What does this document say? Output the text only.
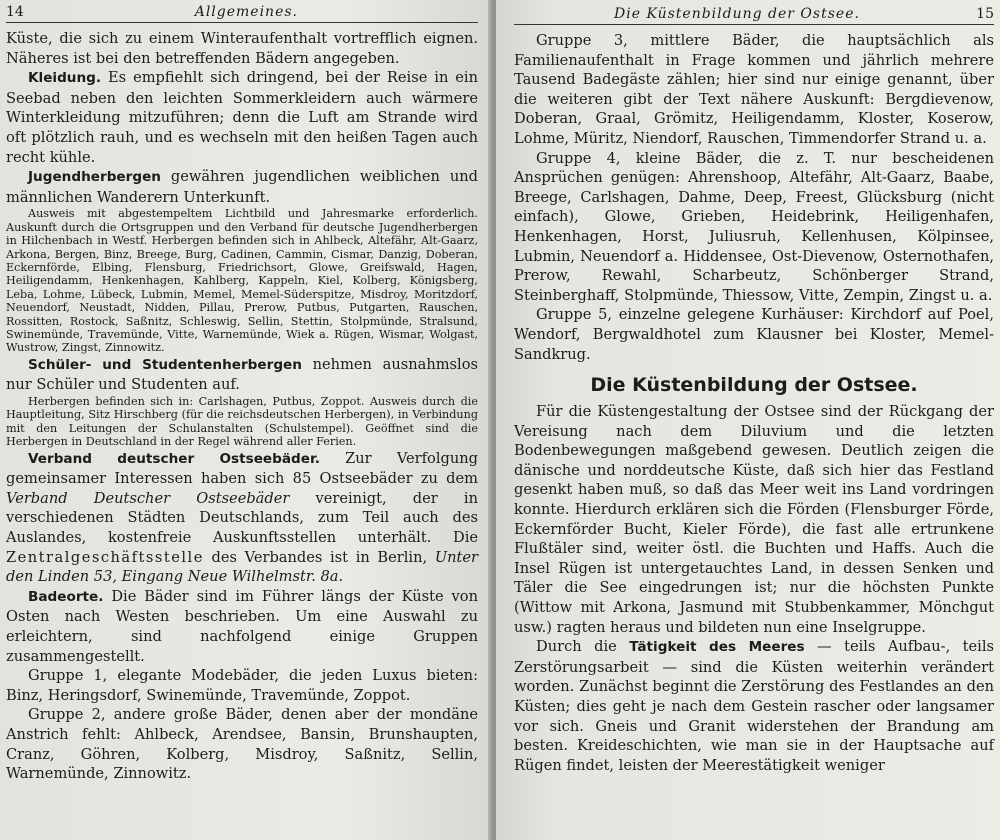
14	Allgemeines.

Küste, die sich zu einem Winteraufenthalt vortrefflich eignen. Näheres ist bei den betreffenden Bädern angegeben.

Kleidung. Es empfiehlt sich dringend, bei der Reise in ein Seebad neben den leichten Sommerkleidern auch wärmere Winterkleidung mitzuführen; denn die Luft am Strande wird oft plötzlich rauh, und es wechseln mit den heißen Tagen auch recht kühle.

Jugendherbergen gewähren jugendlichen weiblichen und männlichen Wanderern Unterkunft.

Ausweis mit abgestempeltem Lichtbild und Jahresmarke erforderlich. Auskunft durch die Ortsgruppen und den Verband für deutsche Jugendherbergen in Hilchenbach in Westf. Herbergen befinden sich in Ahlbeck, Altefähr, Alt-Gaarz, Arkona, Bergen, Binz, Breege, Burg, Cadinen, Cammin, Cismar, Danzig, Doberan, Eckernförde, Elbing, Flensburg, Friedrichsort, Glowe, Greifswald, Hagen, Heiligendamm, Henkenhagen, Kahlberg, Kappeln, Kiel, Kolberg, Königsberg, Leba, Lohme, Lübeck, Lubmin, Memel, Memel-Süderspitze, Misdroy, Moritzdorf, Neuendorf, Neustadt, Nidden, Pillau, Prerow, Putbus, Putgarten, Rauschen, Rossitten, Rostock, Saßnitz, Schleswig, Sellin, Stettin, Stolpmünde, Stralsund, Swinemünde, Travemünde, Vitte, Warnemünde, Wiek a. Rügen, Wismar, Wolgast, Wustrow, Zingst, Zinnowitz.

Schüler- und Studentenherbergen nehmen ausnahmslos nur Schüler und Studenten auf.

Herbergen befinden sich in: Carlshagen, Putbus, Zoppot. Ausweis durch die Hauptleitung, Sitz Hirschberg (für die reichsdeutschen Herbergen), in Verbindung mit den Leitungen der Schulanstalten (Schulstempel). Geöffnet sind die Herbergen in Deutschland in der Regel während aller Ferien.

Verband deutscher Ostseebäder. Zur Verfolgung gemeinsamer Interessen haben sich 85 Ostseebäder zu dem Verband Deutscher Ostseebäder vereinigt, der in verschiedenen Städten Deutschlands, zum Teil auch des Auslandes, kostenfreie Auskunftsstellen unterhält. Die Zentralgeschäftsstelle des Verbandes ist in Berlin, Unter den Linden 53, Eingang Neue Wilhelmstr. 8a.

Badeorte. Die Bäder sind im Führer längs der Küste von Osten nach Westen beschrieben. Um eine Auswahl zu erleichtern, sind nachfolgend einige Gruppen zusammengestellt.

Gruppe 1, elegante Modebäder, die jeden Luxus bieten: Binz, Heringsdorf, Swinemünde, Travemünde, Zoppot.

Gruppe 2, andere große Bäder, denen aber der mondäne Anstrich fehlt: Ahlbeck, Arendsee, Bansin, Brunshaupten, Cranz, Göhren, Kolberg, Misdroy, Saßnitz, Sellin, Warnemünde, Zinnowitz.

Die Küstenbildung der Ostsee.	15

Gruppe 3, mittlere Bäder, die hauptsächlich als Familienaufenthalt in Frage kommen und jährlich mehrere Tausend Badegäste zählen; hier sind nur einige genannt, über die weiteren gibt der Text nähere Auskunft: Bergdievenow, Doberan, Graal, Grömitz, Heiligendamm, Kloster, Koserow, Lohme, Müritz, Niendorf, Rauschen, Timmendorfer Strand u. a.

Gruppe 4, kleine Bäder, die z. T. nur bescheidenen Ansprüchen genügen: Ahrenshoop, Altefähr, Alt-Gaarz, Baabe, Breege, Carlshagen, Dahme, Deep, Freest, Glücksburg (nicht einfach), Glowe, Grieben, Heidebrink, Heiligenhafen, Henkenhagen, Horst, Juliusruh, Kellenhusen, Kölpinsee, Lubmin, Neuendorf a. Hiddensee, Ost-Dievenow, Osternothafen, Prerow, Rewahl, Scharbeutz, Schönberger Strand, Steinberghaff, Stolpmünde, Thiessow, Vitte, Zempin, Zingst u. a.

Gruppe 5, einzelne gelegene Kurhäuser: Kirchdorf auf Poel, Wendorf, Bergwaldhotel zum Klausner bei Kloster, Memel-Sandkrug.

Die Küstenbildung der Ostsee.

Für die Küstengestaltung der Ostsee sind der Rückgang der Vereisung nach dem Diluvium und die letzten Bodenbewegungen maßgebend gewesen. Deutlich zeigen die dänische und norddeutsche Küste, daß sich hier das Festland gesenkt haben muß, so daß das Meer weit ins Land vordringen konnte. Hierdurch erklären sich die Förden (Flensburger Förde, Eckernförder Bucht, Kieler Förde), die fast alle ertrunkene Flußtäler sind, weiter östl. die Buchten und Haffs. Auch die Insel Rügen ist untergetauchtes Land, in dessen Senken und Täler die See eingedrungen ist; nur die höchsten Punkte (Wittow mit Arkona, Jasmund mit Stubbenkammer, Mönchgut usw.) ragten heraus und bildeten nun eine Inselgruppe.

Durch die Tätigkeit des Meeres — teils Aufbau-, teils Zerstörungsarbeit — sind die Küsten weiterhin verändert worden. Zunächst beginnt die Zerstörung des Festlandes an den Küsten; dies geht je nach dem Gestein rascher oder langsamer vor sich. Gneis und Granit widerstehen der Brandung am besten. Kreideschichten, wie man sie in der Hauptsache auf Rügen findet, leisten der Meerestätigkeit weniger
